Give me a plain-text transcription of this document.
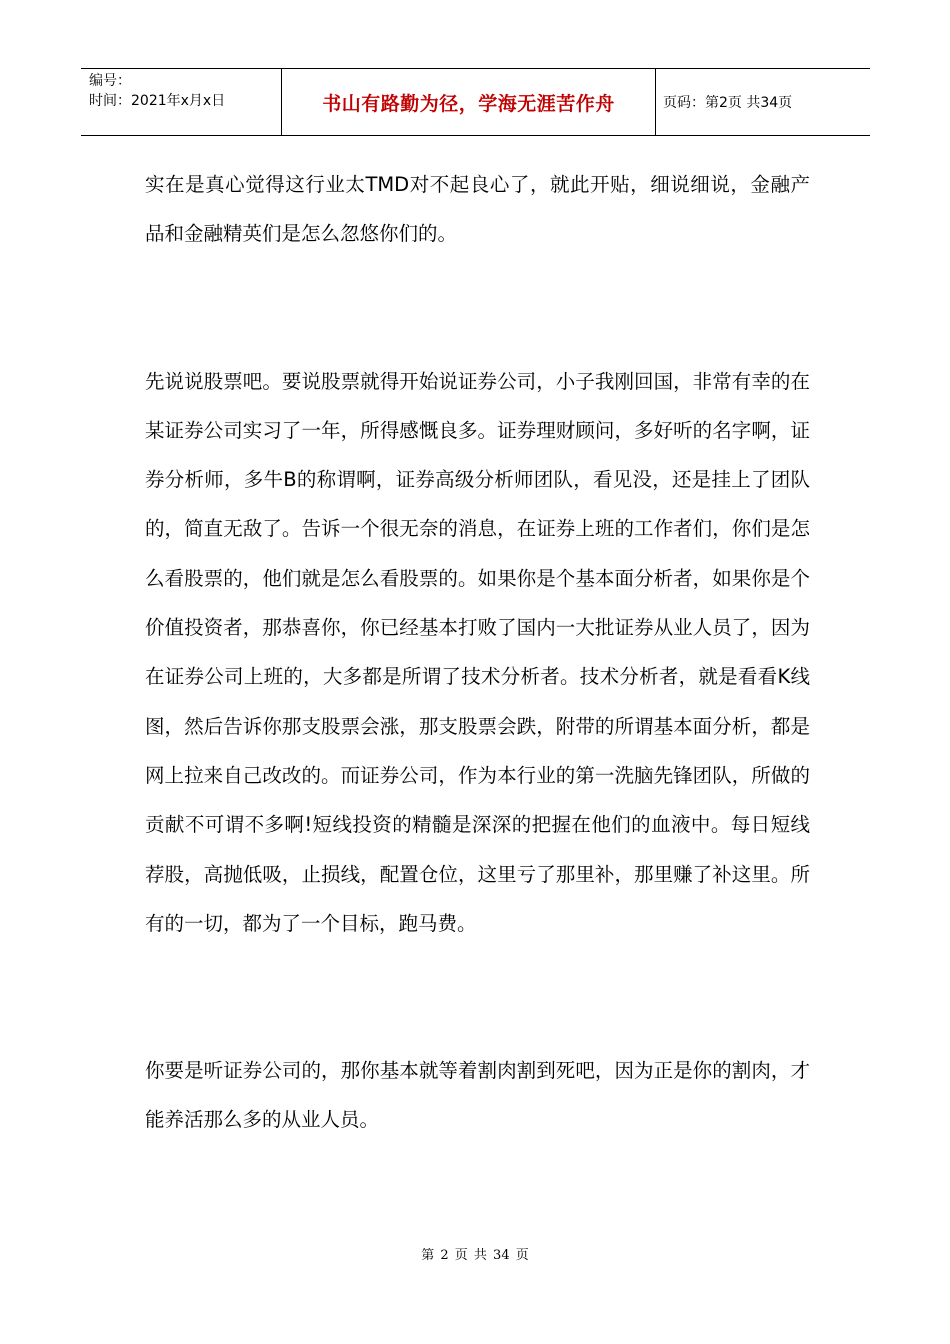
编号：
时间：2021年x月x日	书山有路勤为径，学海无涯苦作舟	页码：第2页 共34页

实在是真心觉得这行业太TMD对不起良心了，就此开贴，细说细说，金融产品和金融精英们是怎么忽悠你们的。

先说说股票吧。要说股票就得开始说证券公司，小子我刚回国，非常有幸的在某证券公司实习了一年，所得感慨良多。证券理财顾问，多好听的名字啊，证券分析师，多牛B的称谓啊，证券高级分析师团队，看见没，还是挂上了团队的，简直无敌了。告诉一个很无奈的消息，在证券上班的工作者们，你们是怎么看股票的，他们就是怎么看股票的。如果你是个基本面分析者，如果你是个价值投资者，那恭喜你，你已经基本打败了国内一大批证券从业人员了，因为在证券公司上班的，大多都是所谓了技术分析者。技术分析者，就是看看K线图，然后告诉你那支股票会涨，那支股票会跌，附带的所谓基本面分析，都是网上拉来自己改改的。而证券公司，作为本行业的第一洗脑先锋团队，所做的贡献不可谓不多啊!短线投资的精髓是深深的把握在他们的血液中。每日短线荐股，高抛低吸，止损线，配置仓位，这里亏了那里补，那里赚了补这里。所有的一切，都为了一个目标，跑马费。

你要是听证券公司的，那你基本就等着割肉割到死吧，因为正是你的割肉，才能养活那么多的从业人员。

第 2 页 共 34 页
